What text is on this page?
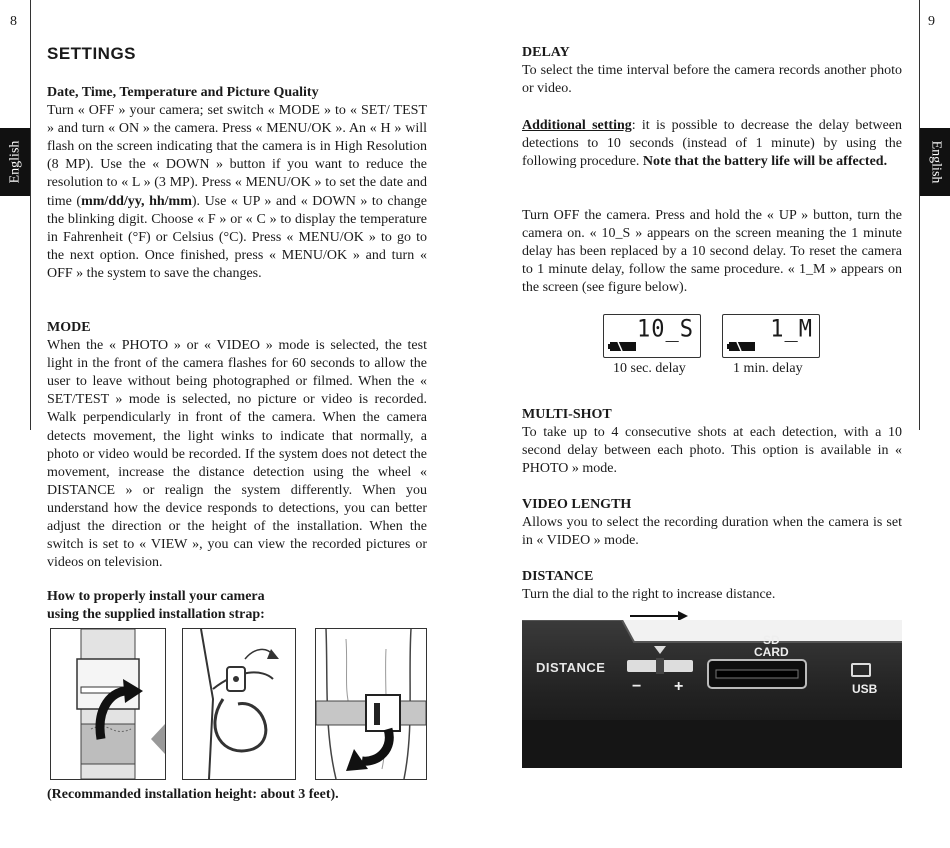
8	9
English	English
SETTINGS
Date, Time, Temperature and Picture Quality

Turn « OFF » your camera; set switch « MODE » to « SET/ TEST » and turn « ON » the camera. Press « MENU/OK ». An « H » will flash on the screen indicating that the camera is in High Resolution (8 MP). Use the « DOWN » button if you want to reduce the resolution to « L » (3 MP). Press « MENU/OK » to set the date and time (mm/dd/yy, hh/mm). Use « UP » and « DOWN » to change the blinking digit. Choose « F » or « C » to display the temperature in Fahrenheit (°F) or Celsius (°C). Press « MENU/OK » to go to the next option. Once finished, press « MENU/OK » and turn « OFF » the system to save the changes.

MODE

When the « PHOTO » or « VIDEO » mode is selected, the test light in the front of the camera flashes for 60 seconds to allow the user to leave without being photographed or filmed. When the « SET/TEST » mode is selected, no picture or video is recorded. Walk perpendicularly in front of the camera. When the camera detects movement, the light winks to indicate that normally, a photo or video would be recorded. If the system does not detect the movement, increase the distance detection using the wheel « DISTANCE » or realign the system differently. When you understand how the device responds to detections, you can better adjust the direction or the height of the installation. When the switch is set to « VIEW », you can view the recorded pictures or videos on television.

How to properly install your camera
using the supplied installation strap:
(Recommanded installation height: about 3 feet).
DELAY

To select the time interval before the camera records another photo or video.

Additional setting: it is possible to decrease the delay between detections to 10 seconds (instead of 1 minute) by using the following procedure. Note that the battery life will be affected.

Turn OFF the camera. Press and hold the « UP » button, turn the camera on. « 10_S » appears on the screen meaning the 1 minute delay has been replaced by a 10 second delay. To reset the camera to 1 minute delay, follow the same procedure. « 1_M » appears on the screen (see figure below).

10_S	1_M
10 sec. delay	1 min. delay
MULTI-SHOT

To take up to 4 consecutive shots at each detection, with a 10 second delay between each photo. This option is available in « PHOTO » mode.

VIDEO LENGTH

Allows you to select the recording duration when the camera is set in « VIDEO » mode.

DISTANCE

Turn the dial to the right to increase distance.

DISTANCE
− +
SD
CARD
USB
